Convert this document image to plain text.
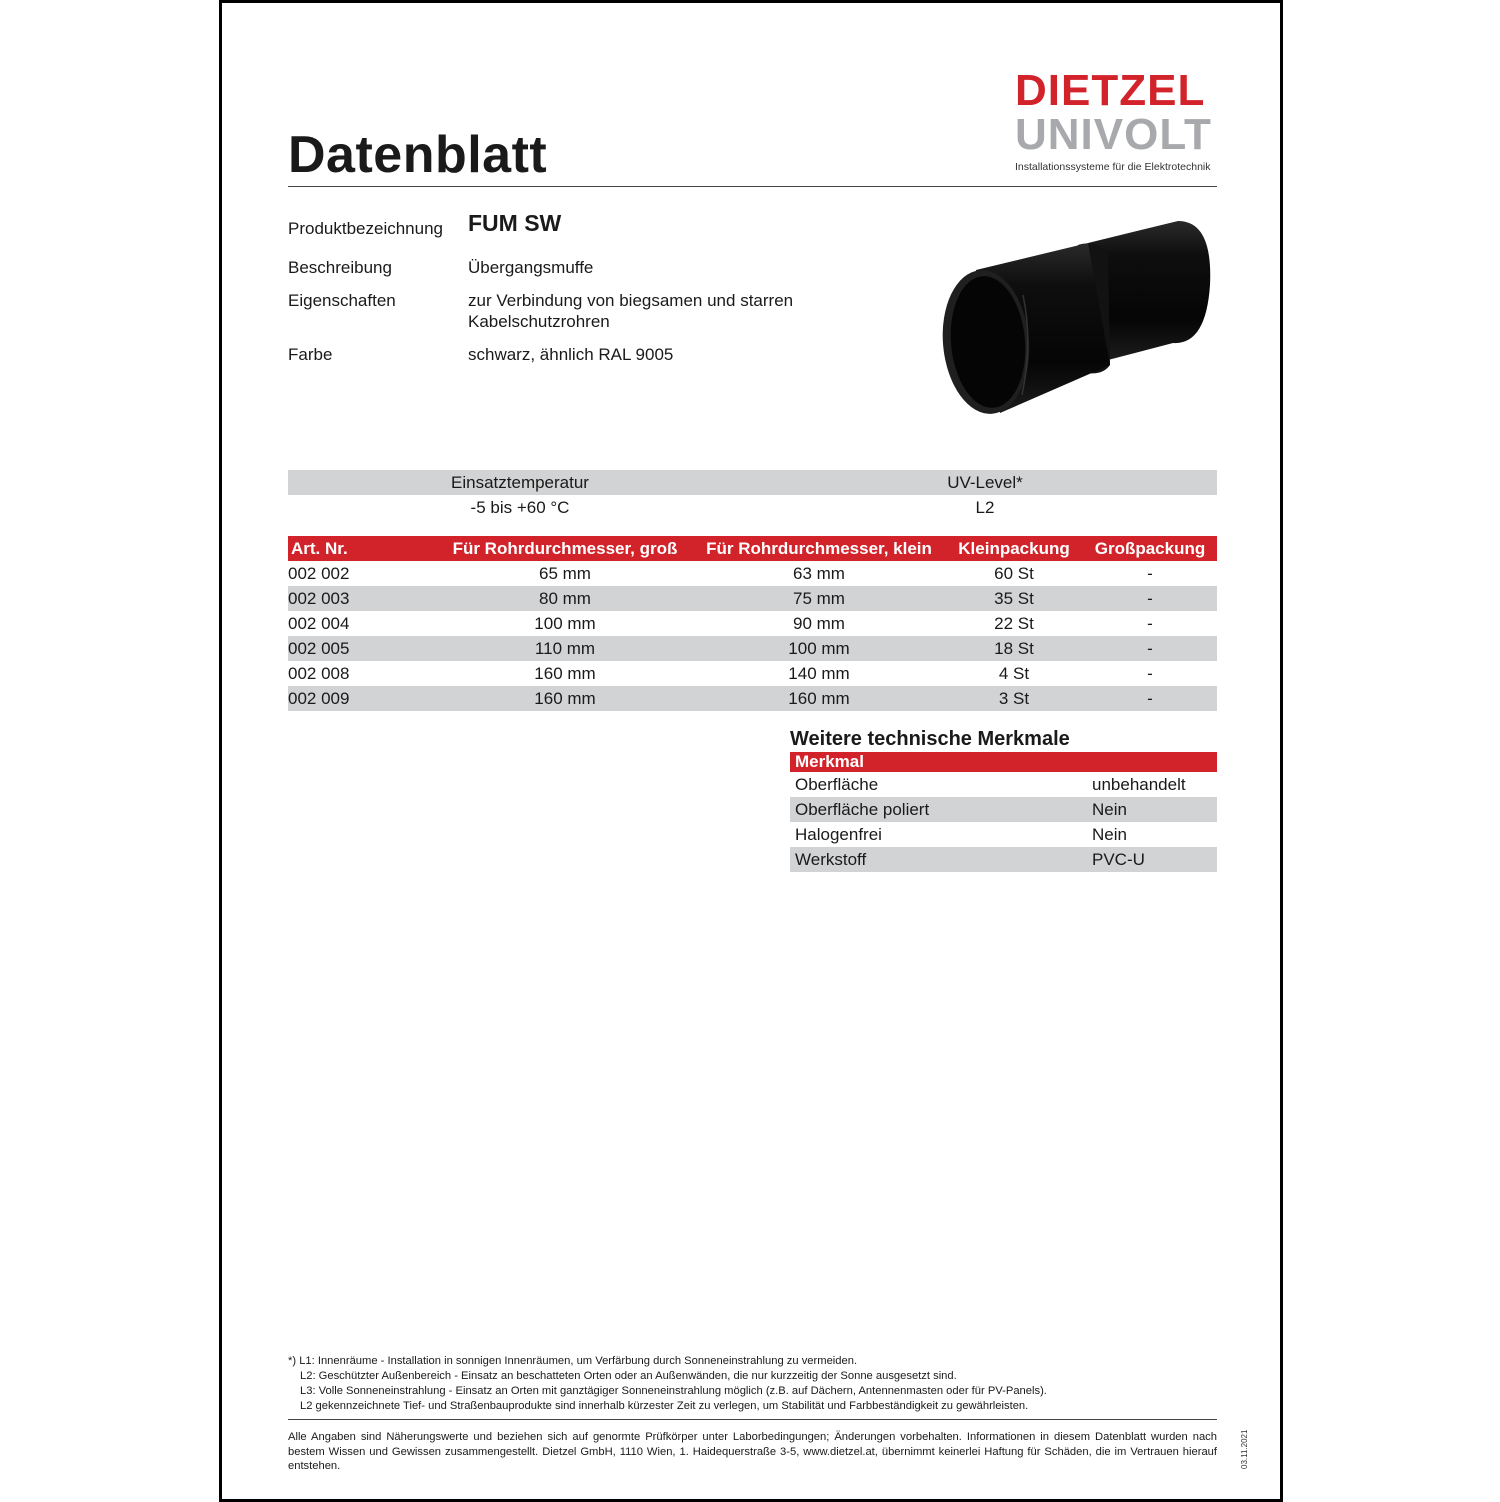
Datenblatt
DIETZEL
UNIVOLT
Installationssysteme für die Elektrotechnik
Produktbezeichnung FUM SW
Beschreibung	Übergangsmuffe
Eigenschaften	zur Verbindung von biegsamen und starren
Kabelschutzrohren
Farbe	schwarz, ähnlich RAL 9005
Einsatztemperatur	UV-Level*
-5 bis +60 °C	L2
Art. Nr.	Für Rohrdurchmesser, groß	Für Rohrdurchmesser, klein	Kleinpackung	Großpackung
002 002	65 mm	63 mm	60 St	-
002 003	80 mm	75 mm	35 St	-
002 004	100 mm	90 mm	22 St	-
002 005	110 mm	100 mm	18 St	-
002 008	160 mm	140 mm	4 St	-
002 009	160 mm	160 mm	3 St	-
Weitere technische Merkmale
Merkmal
Oberfläche	unbehandelt
Oberfläche poliert	Nein
Halogenfrei	Nein
Werkstoff	PVC-U
*) L1: Innenräume - Installation in sonnigen Innenräumen, um Verfärbung durch Sonneneinstrahlung zu vermeiden.
L2: Geschützter Außenbereich - Einsatz an beschatteten Orten oder an Außenwänden, die nur kurzzeitig der Sonne ausgesetzt sind.
L3: Volle Sonneneinstrahlung - Einsatz an Orten mit ganztägiger Sonneneinstrahlung möglich (z.B. auf Dächern, Antennenmasten oder für PV-Panels).
L2 gekennzeichnete Tief- und Straßenbauprodukte sind innerhalb kürzester Zeit zu verlegen, um Stabilität und Farbbeständigkeit zu gewährleisten.
Alle Angaben sind Näherungswerte und beziehen sich auf genormte Prüfkörper unter Laborbedingungen; Änderungen vorbehalten. Informationen in diesem Datenblatt wurden nach bestem Wissen und Gewissen zusammengestellt. Dietzel GmbH, 1110 Wien, 1. Haidequerstraße 3-5, www.dietzel.at, übernimmt keinerlei Haftung für Schäden, die im Vertrauen hierauf entstehen.	03.11.2021
